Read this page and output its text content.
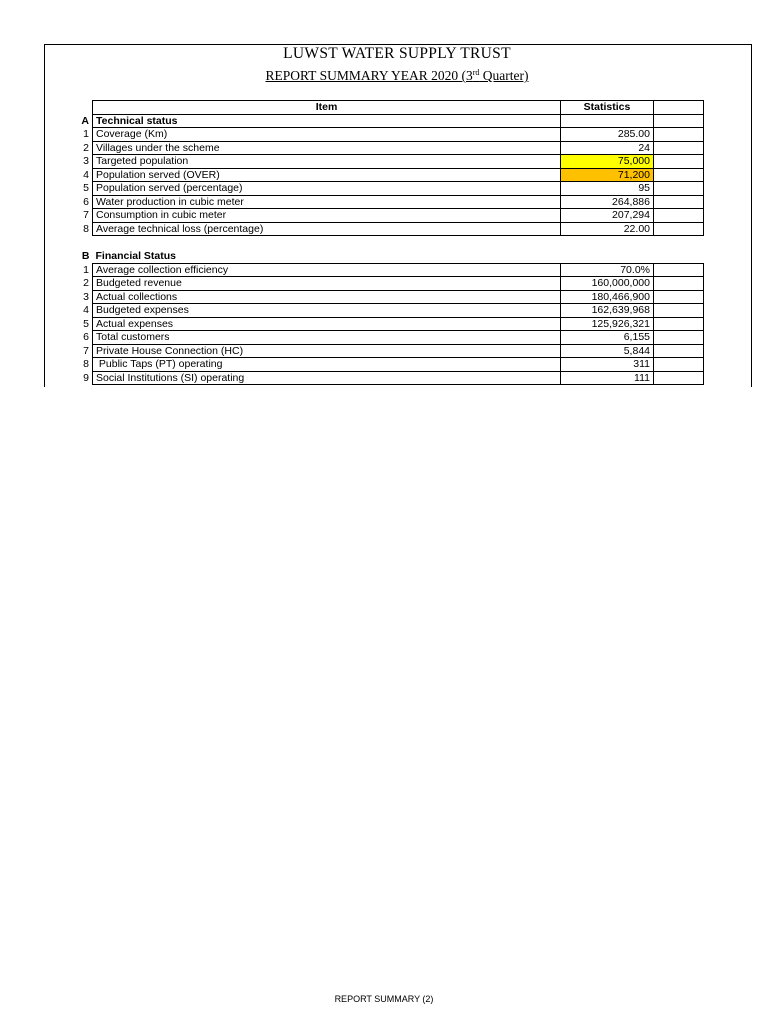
LUWST WATER SUPPLY TRUST
REPORT SUMMARY YEAR 2020 (3rd Quarter)
	Item	Statistics	
A	Technical status		
1	Coverage (Km)	285.00	
2	Villages under the scheme	24	
3	Targeted population	75,000	
4	Population served (OVER)	71,200	
5	Population served (percentage)	95	
6	Water production in cubic meter	264,886	
7	Consumption in cubic meter	207,294	
8	Average technical loss (percentage)	22.00	
B	Financial Status		
1	Average collection efficiency	70.0%	
2	Budgeted revenue	160,000,000	
3	Actual collections	180,466,900	
4	Budgeted expenses	162,639,968	
5	Actual expenses	125,926,321	
6	Total customers	6,155	
7	Private House Connection (HC)	5,844	
8	Public Taps (PT) operating	311	
9	Social Institutions (SI) operating	111	
REPORT SUMMARY (2)
